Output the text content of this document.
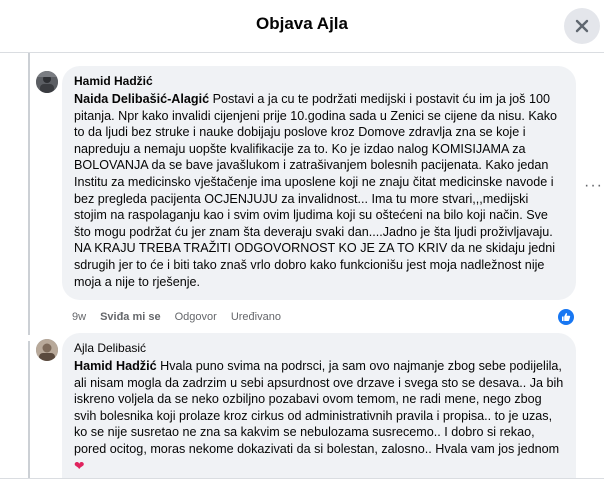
Objava Ajla
Hamid Hadžić
Naida Delibašić-Alagić Postavi a ja cu te podržati medijski i postavit ću im ja još 100 pitanja. Npr kako invalidi cijenjeni prije 10.godina sada u Zenici se cijene da nisu. Kako to da ljudi bez struke i nauke dobijaju poslove kroz Domove zdravlja zna se koje i napreduju a nemaju uopšte kvalifikacije za to. Ko je izdao nalog KOMISIJAMA za BOLOVANJA da se bave javašlukom i zatrašivanjem bolesnih pacijenata. Kako jedan Institu za medicinsko vještačenje ima uposlene koji ne znaju čitat medicinske navode i bez pregleda pacijenta OCJENJUJU za invalidnost... Ima tu more stvari,,,medijski stojim na raspolaganju kao i svim ovim ljudima koji su oštećeni na bilo koji način. Sve što mogu podržat ću jer znam šta deveraju svaki dan....Jadno je šta ljudi proživljavaju. NA KRAJU TREBA TRAŽITI ODGOVORNOST KO JE ZA TO KRIV da ne skidaju jedni sdrugih jer to će i biti tako znaš vrlo dobro kako funkcionišu jest moja nadležnost nije moja a nije to rješenje.
···
9w Sviđa mi se Odgovor Uređivano
Ajla Delibasić
Hamid Hadžić Hvala puno svima na podrsci, ja sam ovo najmanje zbog sebe podijelila, ali nisam mogla da zadrzim u sebi apsurdnost ove drzave i svega sto se desava.. Ja bih iskreno voljela da se neko ozbiljno pozabavi ovom temom, ne radi mene, nego zbog svih bolesnika koji prolaze kroz cirkus od administrativnih pravila i propisa.. to je uzas, ko se nije susretao ne zna sa kakvim se nebulozama susrecemo.. I dobro si rekao, pored ocitog, moras nekome dokazivati da si bolestan, zalosno.. Hvala vam jos jednom❤
